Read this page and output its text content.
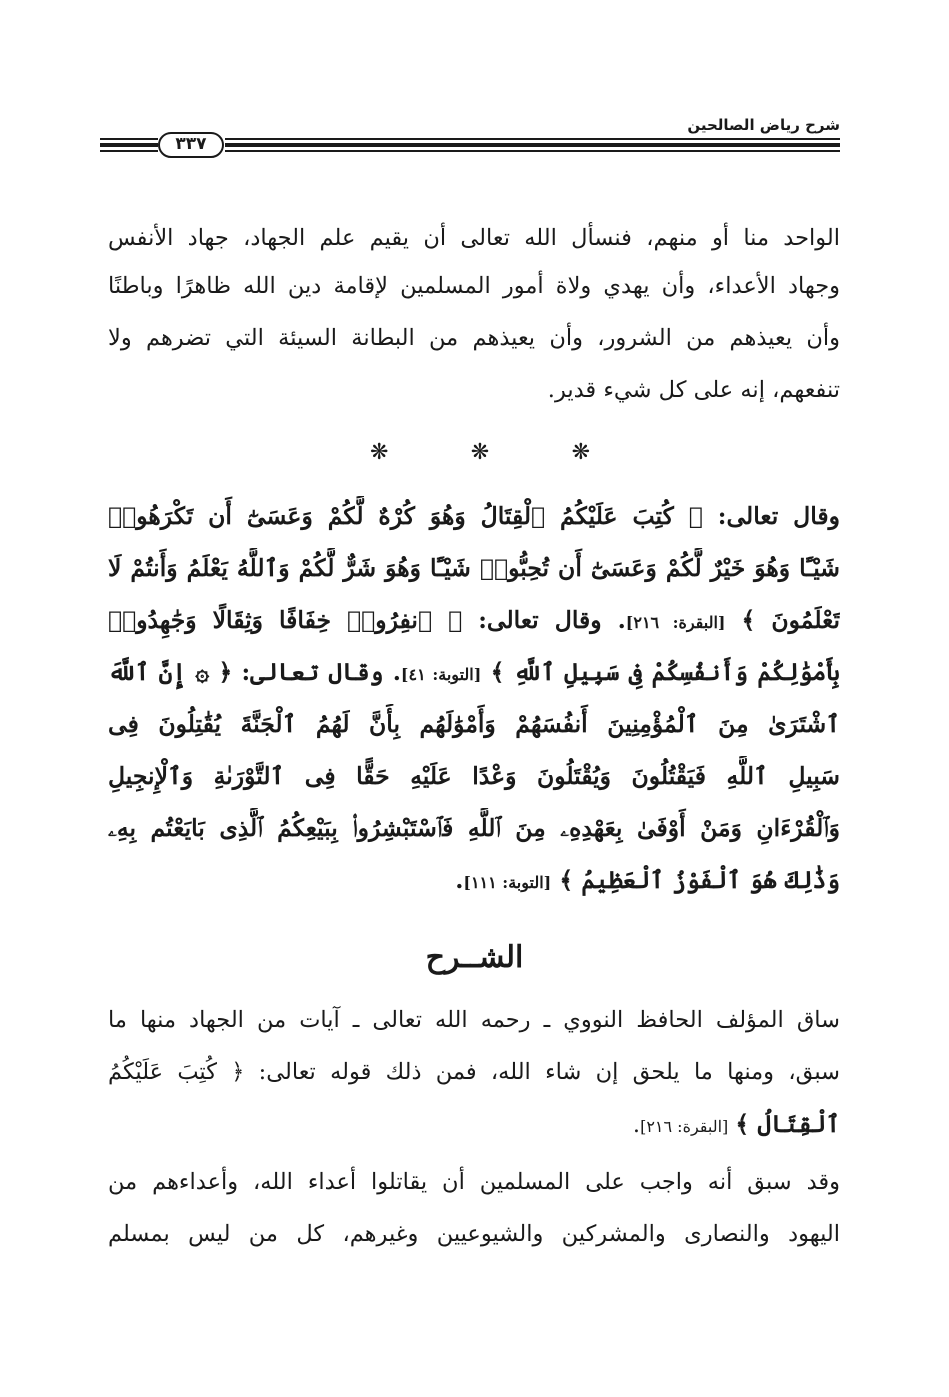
شرح رياض الصالحين
٣٣٧
الواحد منا أو منهم، فنسأل الله تعالى أن يقيم علم الجهاد، جهاد الأنفس
وجهاد الأعداء، وأن يهدي ولاة أمور المسلمين لإقامة دين الله ظاهرًا وباطنًا
وأن يعيذهم من الشرور، وأن يعيذهم من البطانة السيئة التي تضرهم ولا
تنفعهم، إنه على كل شيء قدير.
❋	❋	❋
وقال تعالى: ﴿ كُتِبَ عَلَيْكُمُ ٱلْقِتَالُ وَهُوَ كُرْهٌ لَّكُمْ وَعَسَىٰٓ أَن تَكْرَهُوا۟
شَيْـًٔا وَهُوَ خَيْرٌ لَّكُمْ وَعَسَىٰٓ أَن تُحِبُّوا۟ شَيْـًٔا وَهُوَ شَرٌّ لَّكُمْ وَٱللَّهُ يَعْلَمُ وَأَنتُمْ لَا
تَعْلَمُونَ ﴾ [البقرة: ٢١٦]. وقال تعالى: ﴿ ٱنفِرُوا۟ خِفَافًا وَثِقَالًا وَجَٰهِدُوا۟
بِأَمْوَٰلِكُمْ وَأَنفُسِكُمْ فِى سَبِيلِ ٱللَّهِ ﴾ [التوبة: ٤١]. وقال تعالى: ﴿ ۞ إِنَّ ٱللَّهَ
ٱشْتَرَىٰ مِنَ ٱلْمُؤْمِنِينَ أَنفُسَهُمْ وَأَمْوَٰلَهُم بِأَنَّ لَهُمُ ٱلْجَنَّةَ يُقَٰتِلُونَ فِى
سَبِيلِ ٱللَّهِ فَيَقْتُلُونَ وَيُقْتَلُونَ وَعْدًا عَلَيْهِ حَقًّا فِى ٱلتَّوْرَىٰةِ وَٱلْإِنجِيلِ
وَٱلْقُرْءَانِ وَمَنْ أَوْفَىٰ بِعَهْدِهِۦ مِنَ ٱللَّهِ فَٱسْتَبْشِرُوا۟ بِبَيْعِكُمُ ٱلَّذِى بَايَعْتُم بِهِۦ
وَذَٰلِكَ هُوَ ٱلْفَوْزُ ٱلْعَظِيمُ ﴾ [التوبة: ١١١].
الشــرح
ساق المؤلف الحافظ النووي ـ رحمه الله تعالى ـ آيات من الجهاد منها ما
سبق، ومنها ما يلحق إن شاء الله، فمن ذلك قوله تعالى: ﴿ كُتِبَ عَلَيْكُمُ
ٱلْقِتَالُ ﴾ [البقرة: ٢١٦].
وقد سبق أنه واجب على المسلمين أن يقاتلوا أعداء الله، وأعداءهم من
اليهود والنصارى والمشركين والشيوعيين وغيرهم، كل من ليس بمسلم
